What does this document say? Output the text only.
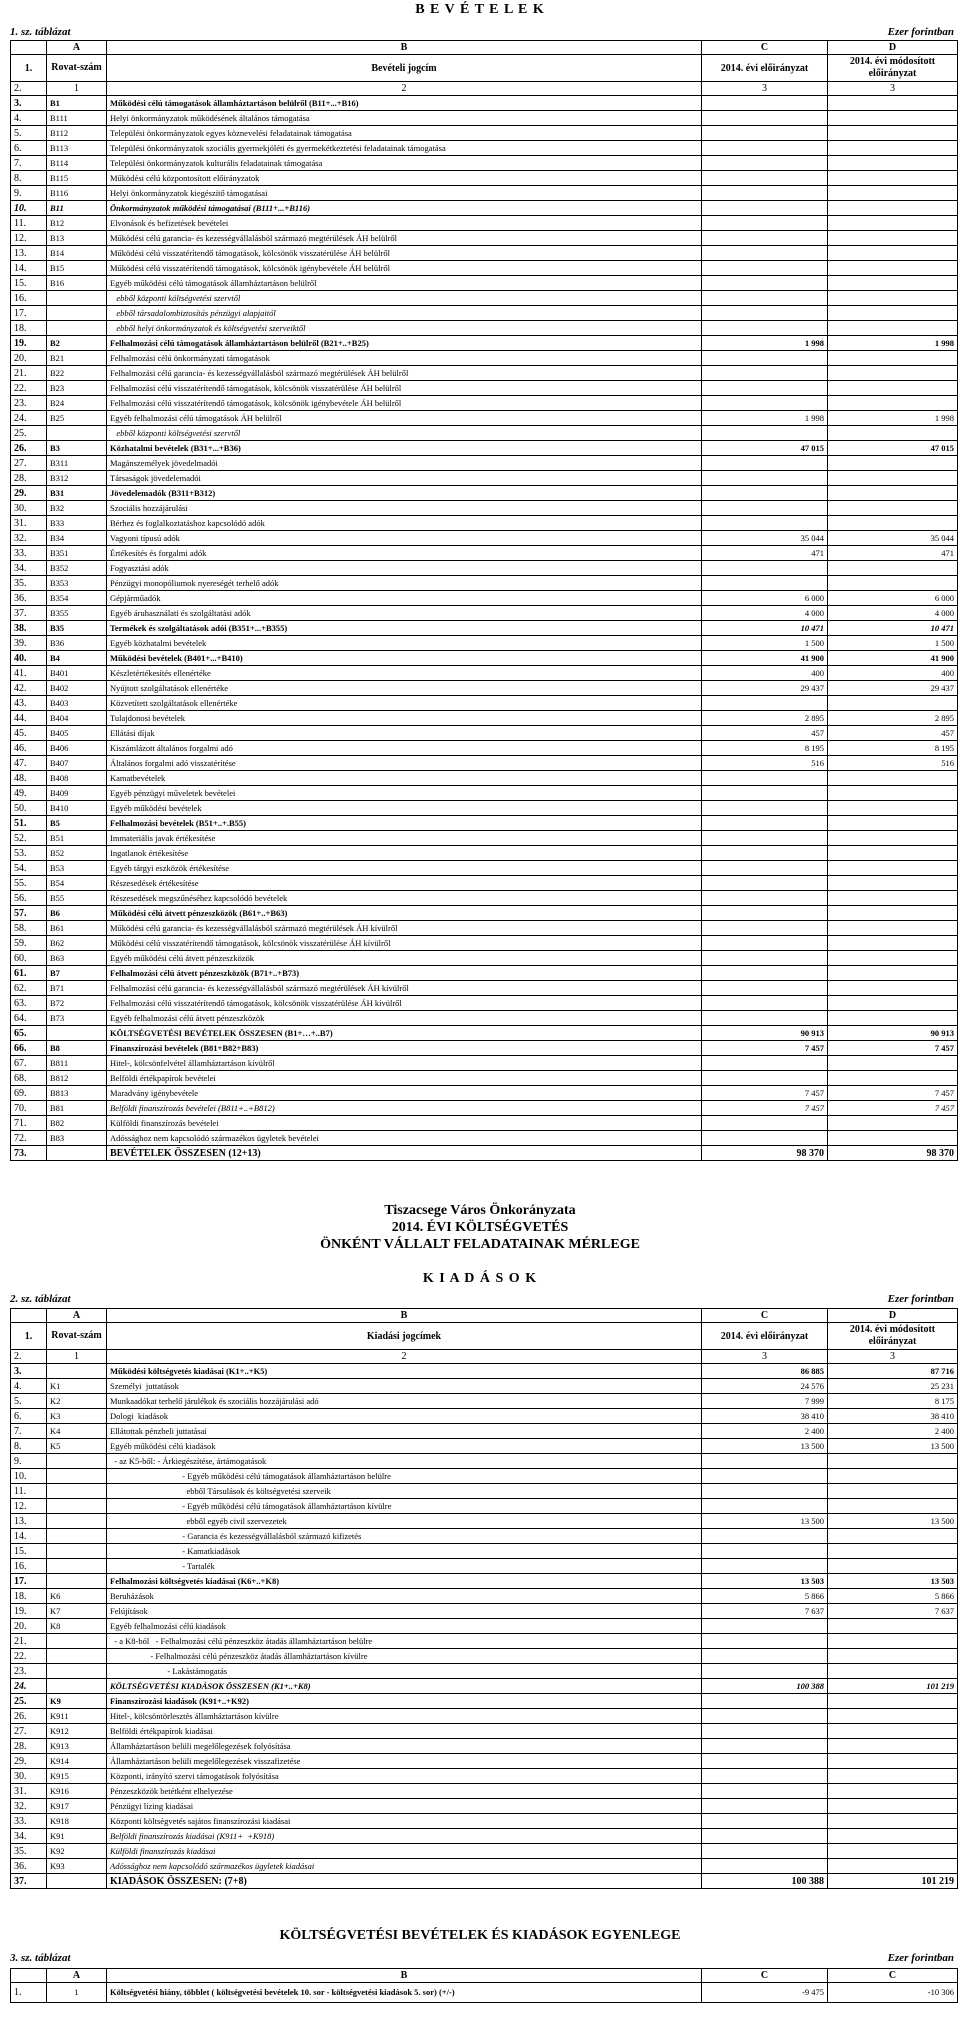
B E V É T E L E K
1. sz. táblázat	Ezer forintban
	A	B	C	D
1.	Rovat-szám	Bevételi jogcím	2014. évi előirányzat	2014. évi módosított előirányzat
2.	1	2	3	3
3.	B1	Működési célú támogatások államháztartáson belülről (B11+...+B16)		
4.	B111	Helyi önkormányzatok működésének általános támogatása		
5.	B112	Települési önkormányzatok egyes köznevelési feladatainak támogatása		
6.	B113	Települési önkormányzatok szociális gyermekjóléti és gyermekétkeztetési feladatainak támogatása		
7.	B114	Települési önkormányzatok kulturális feladatainak támogatása		
8.	B115	Működési célú központosított előirányzatok		
9.	B116	Helyi önkormányzatok kiegészítő támogatásai		
10.	B11	Önkormányzatok működési támogatásai (B111+...+B116)		
11.	B12	Elvonások és befizetések bevételei		
12.	B13	Működési célú garancia- és kezességvállalásból származó megtérülések ÁH belülről		
13.	B14	Működési célú visszatérítendő támogatások, kölcsönök visszatérülése ÁH belülről		
14.	B15	Működési célú visszatérítendő támogatások, kölcsönök igénybevétele ÁH belülről		
15.	B16	Egyéb működési célú támogatások államháztartáson belülről		
16.		ebből központi költségvetési szervtől		
17.		ebből társadalombiztosítás pénzügyi alapjaitól		
18.		ebből helyi önkormányzatok és költségvetési szerveiktől		
19.	B2	Felhalmozási célú támogatások államháztartáson belülről (B21+..+B25)	1 998	1 998
20.	B21	Felhalmozási célú önkormányzati támogatások		
21.	B22	Felhalmozási célú garancia- és kezességvállalásból származó megtérülések ÁH belülről		
22.	B23	Felhalmozási célú visszatérítendő támogatások, kölcsönök visszatérülése ÁH belülről		
23.	B24	Felhalmozási célú visszatérítendő támogatások, kölcsönök igénybevétele ÁH belülről		
24.	B25	Egyéb felhalmozási célú támogatások ÁH belülről	1 998	1 998
25.		ebből központi költségvetési szervtől		
26.	B3	Közhatalmi bevételek (B31+...+B36)	47 015	47 015
27.	B311	Magánszemélyek jövedelmadói		
28.	B312	Társaságok jövedelemadói		
29.	B31	Jövedelemadók (B311+B312)		
30.	B32	Szociális hozzájárulási		
31.	B33	Bérhez és foglalkoztatáshoz kapcsolódó adók		
32.	B34	Vagyoni típusú adók	35 044	35 044
33.	B351	Értékesítés és forgalmi adók	471	471
34.	B352	Fogyasztási adók		
35.	B353	Pénzügyi monopóliumok nyereségét terhelő adók		
36.	B354	Gépjárműadók	6 000	6 000
37.	B355	Egyéb áruhasználati és szolgáltatási adók	4 000	4 000
38.	B35	Termékek és szolgáltatások adói (B351+...+B355)	10 471	10 471
39.	B36	Egyéb közhatalmi bevételek	1 500	1 500
40.	B4	Működési bevételek (B401+...+B410)	41 900	41 900
41.	B401	Készletértékesítés ellenértéke	400	400
42.	B402	Nyújtott szolgáltatások ellenértéke	29 437	29 437
43.	B403	Közvetített szolgáltatások ellenértéke		
44.	B404	Tulajdonosi bevételek	2 895	2 895
45.	B405	Ellátási díjak	457	457
46.	B406	Kiszámlázott általános forgalmi adó	8 195	8 195
47.	B407	Általános forgalmi adó visszatérítése	516	516
48.	B408	Kamatbevételek		
49.	B409	Egyéb pénzügyi műveletek bevételei		
50.	B410	Egyéb működési bevételek		
51.	B5	Felhalmozási bevételek (B51+..+.B55)		
52.	B51	Immateriális javak értékesítése		
53.	B52	Ingatlanok értékesítése		
54.	B53	Egyéb tárgyi eszközök értékesítése		
55.	B54	Részesedések értékesítése		
56.	B55	Részesedések megszűnéséhez kapcsolódó bevételek		
57.	B6	Működési célú átvett pénzeszközök (B61+..+B63)		
58.	B61	Működési célú garancia- és kezességvállalásból származó megtérülések ÁH kívülről		
59.	B62	Működési célú visszatérítendő támogatások, kölcsönök visszatérülése ÁH kívülről		
60.	B63	Egyéb működési célú átvett pénzeszközök		
61.	B7	Felhalmozási célú átvett pénzeszközök (B71+..+B73)		
62.	B71	Felhalmozási célú garancia- és kezességvállalásból származó megtérülések ÁH kívülről		
63.	B72	Felhalmozási célú visszatérítendő támogatások, kölcsönök visszatérülése ÁH kívülről		
64.	B73	Egyéb felhalmozási célú átvett pénzeszközök		
65.		KÖLTSÉGVETÉSI BEVÉTELEK ÖSSZESEN (B1+…+..B7)	90 913	90 913
66.	B8	Finanszírozási bevételek (B81+B82+B83)	7 457	7 457
67.	B811	Hitel-, kölcsönfelvétel államháztartáson kívülről		
68.	B812	Belföldi értékpapírok bevételei		
69.	B813	Maradvány igénybevétele	7 457	7 457
70.	B81	Belföldi finanszírozás bevételei (B811+..+B812)	7 457	7 457
71.	B82	Külföldi finanszírozás bevételei		
72.	B83	Adóssághoz nem kapcsolódó származékos ügyletek bevételei		
73.		BEVÉTELEK ÖSSZESEN (12+13)	98 370	98 370
Tiszacsege Város Önkorányzata
2014. ÉVI KÖLTSÉGVETÉS
ÖNKÉNT VÁLLALT FELADATAINAK MÉRLEGE
K I A D Á S O K
2. sz. táblázat	Ezer forintban
	A	B	C	D
1.	Rovat-szám	Kiadási jogcímek	2014. évi előirányzat	2014. évi módosított előirányzat
2.	1	2	3	3
3.		Működési költségvetés kiadásai (K1+..+K5)	86 885	87 716
4.	K1	Személyi  juttatások	24 576	25 231
5.	K2	Munkaadókat terhelő járulékok és szociális hozzájárulási adó	7 999	8 175
6.	K3	Dologi  kiadások	38 410	38 410
7.	K4	Ellátottak pénzbeli juttatásai	2 400	2 400
8.	K5	Egyéb működési célú kiadások	13 500	13 500
9.		- az K5-ből: - Árkiegészítése, ártámogatások		
10.		- Egyéb működési célú támogatások államháztartáson belülre		
11.		ebből Társulások és költségvetési szerveik		
12.		- Egyéb működési célú támogatások államháztartáson kívülre		
13.		ebből egyéb civil szervezetek	13 500	13 500
14.		- Garancia és kezességvállalásból származó kifizetés		
15.		- Kamatkiadások		
16.		- Tartalék		
17.		Felhalmozási költségvetés kiadásai (K6+..+K8)	13 503	13 503
18.	K6	Beruházások	5 866	5 866
19.	K7	Felújítások	7 637	7 637
20.	K8	Egyéb felhalmozási célú kiadások		
21.		- a K8-ból   - Felhalmozási célú pénzeszköz átadás államháztartáson belülre		
22.		- Felhalmozási célú pénzeszköz átadás államháztartáson kívülre		
23.		- Lakástámogatás		
24.		KÖLTSÉGVETÉSI KIADÁSOK ÖSSZESEN (K1+..+K8)	100 388	101 219
25.	K9	Finanszírozási kiadások (K91+..+K92)		
26.	K911	Hitel-, kölcsöntörlesztés államháztartáson kívülre		
27.	K912	Belföldi értékpapírok kiadásai		
28.	K913	Államháztartáson belüli megelőlegezések folyósítása		
29.	K914	Államháztartáson belüli megelőlegezések visszafizetése		
30.	K915	Központi, irányító szervi támogatások folyósítása		
31.	K916	Pénzeszközök betétként elhelyezése		
32.	K917	Pénzügyi lízing kiadásai		
33.	K918	Központi költségvetés sajátos finanszírozási kiadásai		
34.	K91	Belföldi finanszírozás kiadásai (K911+  +K918)		
35.	K92	Külföldi finanszírozás kiadásai		
36.	K93	Adóssághoz nem kapcsolódó származékos ügyletek kiadásai		
37.		KIADÁSOK ÖSSZESEN: (7+8)	100 388	101 219
KÖLTSÉGVETÉSI BEVÉTELEK ÉS KIADÁSOK EGYENLEGE
3. sz. táblázat	Ezer forintban
	A	B	C	C
1.	1	Költségvetési hiány, többlet ( költségvetési bevételek 10. sor - költségvetési kiadások 5. sor) (+/-)	-9 475	-10 306
